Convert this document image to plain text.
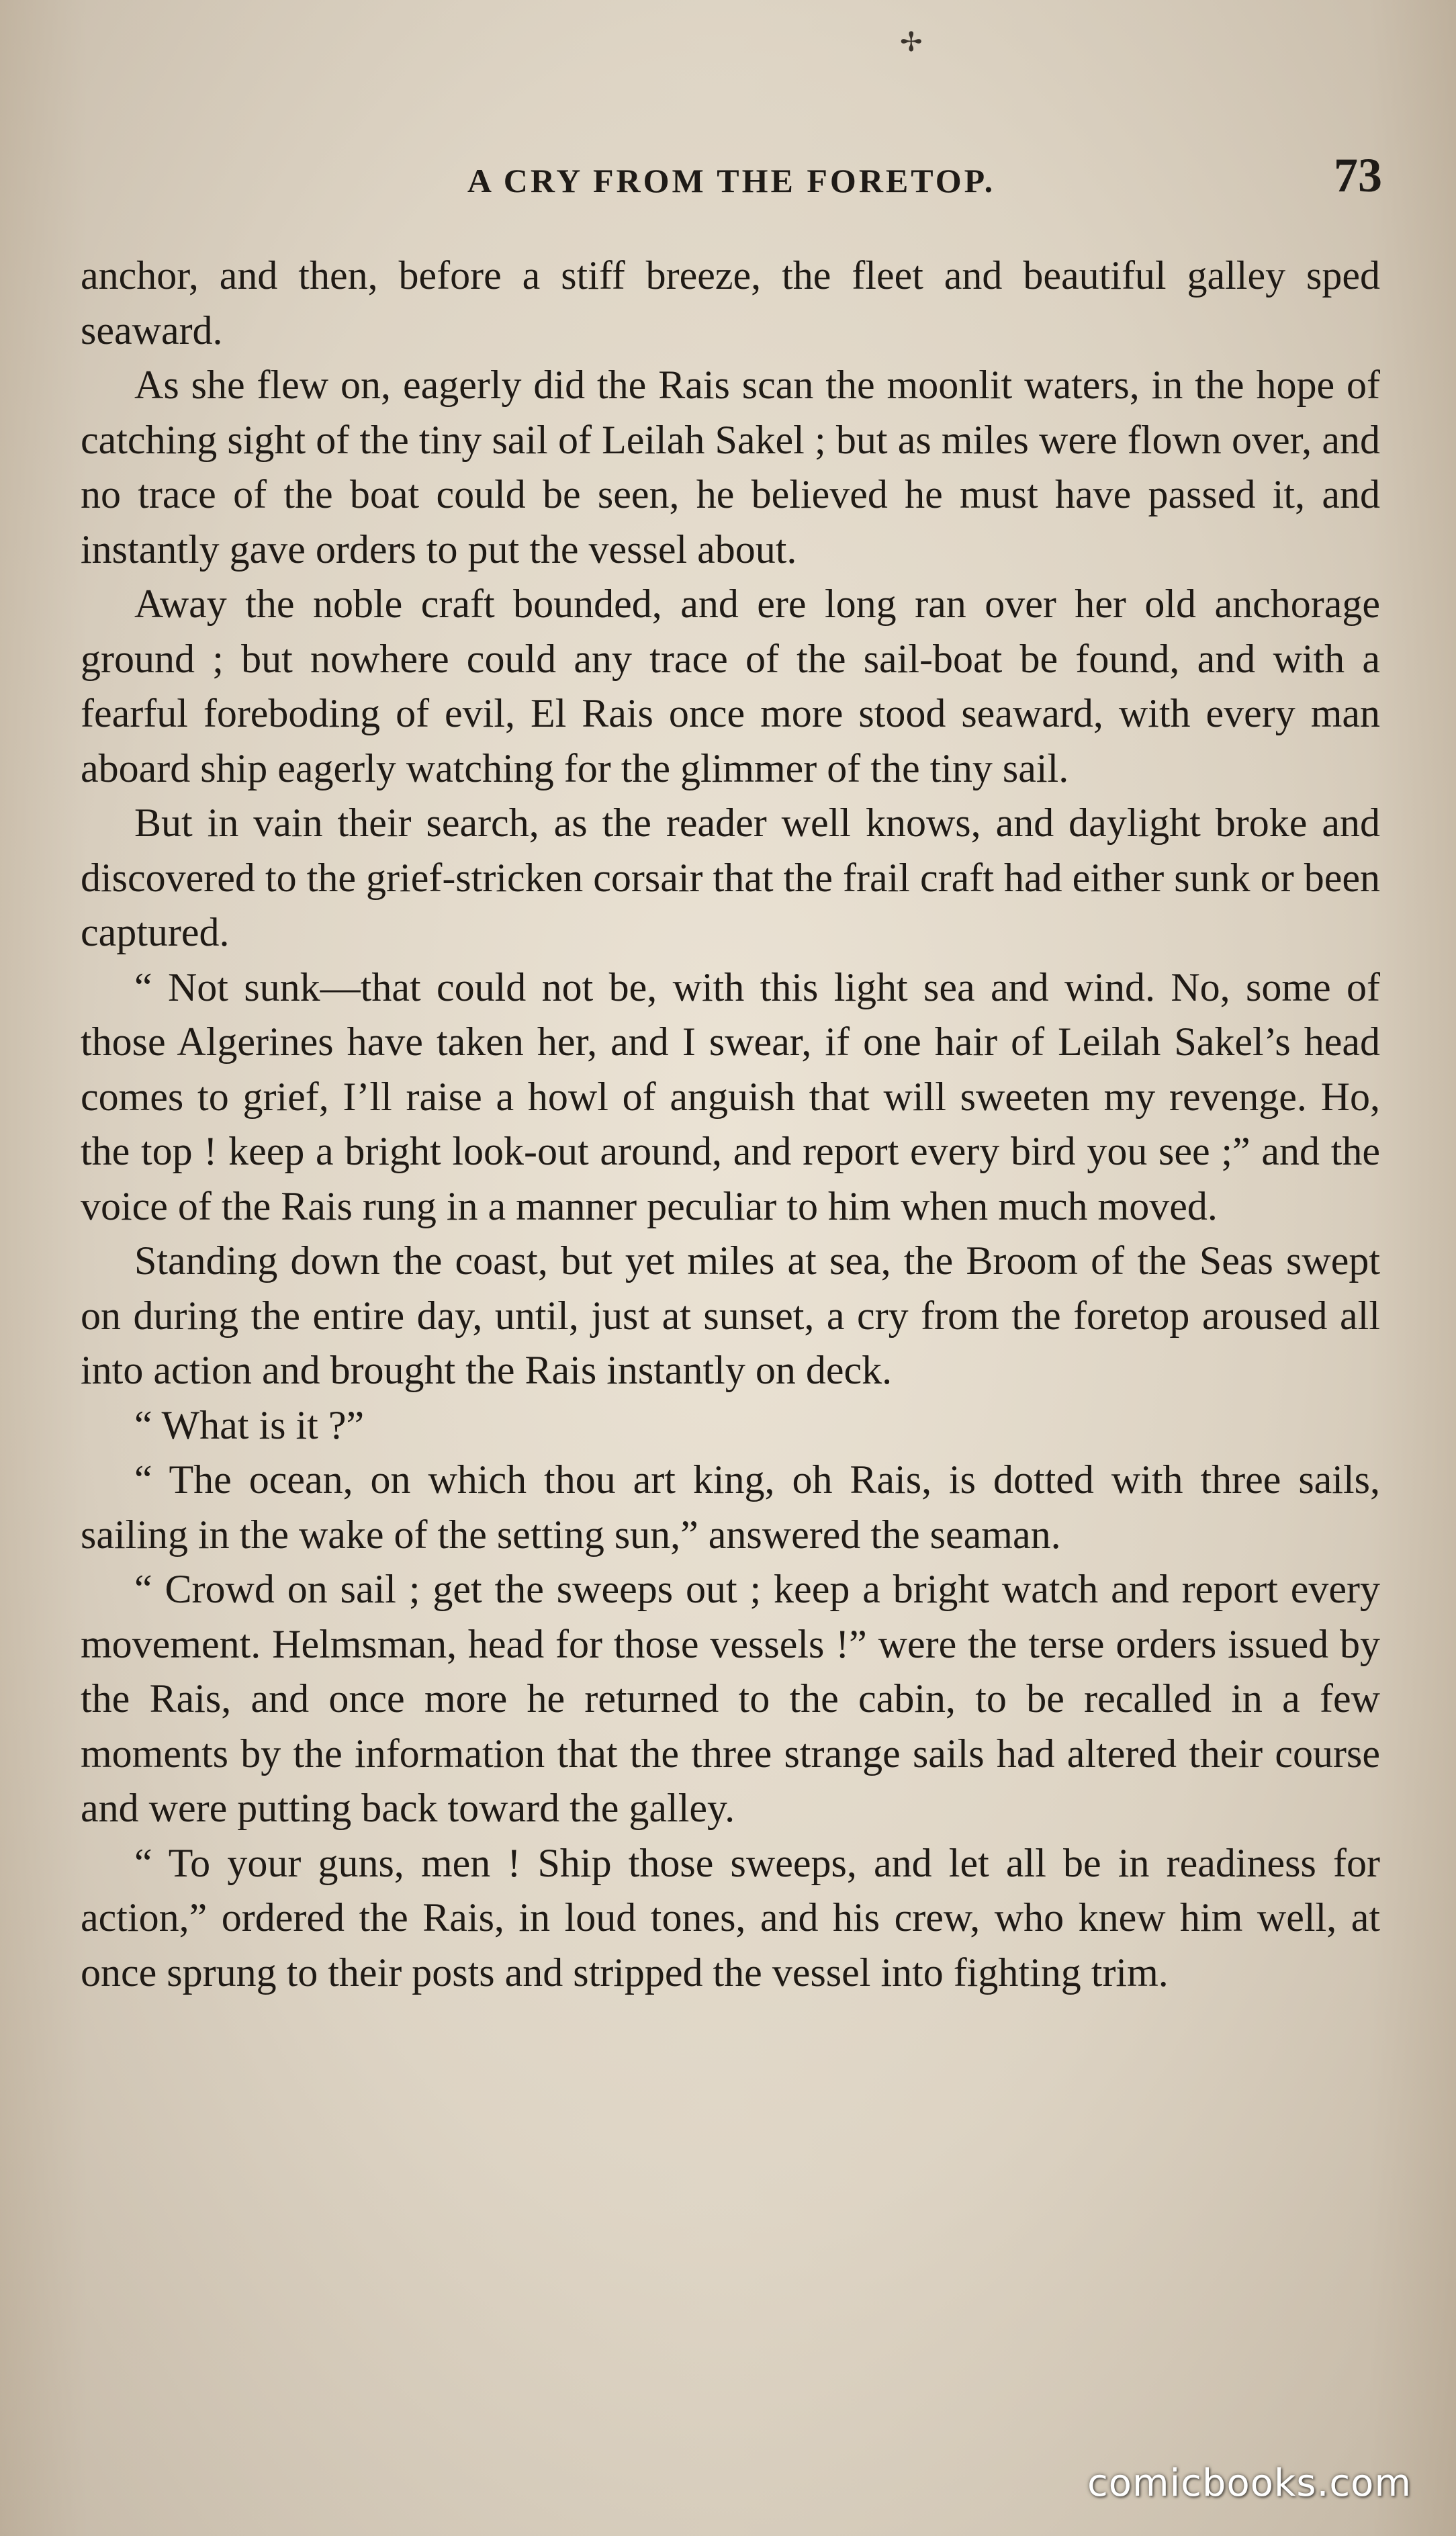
✢
A CRY FROM THE FORETOP.	73

anchor, and then, before a stiff breeze, the fleet and beautiful galley sped seaward.

As she flew on, eagerly did the Rais scan the moonlit waters, in the hope of catching sight of the tiny sail of Leilah Sakel ; but as miles were flown over, and no trace of the boat could be seen, he believed he must have passed it, and instantly gave orders to put the vessel about.

Away the noble craft bounded, and ere long ran over her old anchorage ground ; but nowhere could any trace of the sail-boat be found, and with a fearful foreboding of evil, El Rais once more stood seaward, with every man aboard ship eagerly watching for the glimmer of the tiny sail.

But in vain their search, as the reader well knows, and daylight broke and discovered to the grief-stricken corsair that the frail craft had either sunk or been captured.

“ Not sunk—that could not be, with this light sea and wind. No, some of those Algerines have taken her, and I swear, if one hair of Leilah Sakel’s head comes to grief, I’ll raise a howl of anguish that will sweeten my revenge. Ho, the top ! keep a bright look-out around, and report every bird you see ;” and the voice of the Rais rung in a manner peculiar to him when much moved.

Standing down the coast, but yet miles at sea, the Broom of the Seas swept on during the entire day, until, just at sunset, a cry from the foretop aroused all into action and brought the Rais instantly on deck.

“ What is it ?”

“ The ocean, on which thou art king, oh Rais, is dotted with three sails, sailing in the wake of the setting sun,” answered the seaman.

“ Crowd on sail ; get the sweeps out ; keep a bright watch and report every movement. Helmsman, head for those vessels !” were the terse orders issued by the Rais, and once more he returned to the cabin, to be recalled in a few moments by the information that the three strange sails had altered their course and were putting back toward the galley.

“ To your guns, men ! Ship those sweeps, and let all be in readiness for action,” ordered the Rais, in loud tones, and his crew, who knew him well, at once sprung to their posts and stripped the vessel into fighting trim.

comicbooks.com
